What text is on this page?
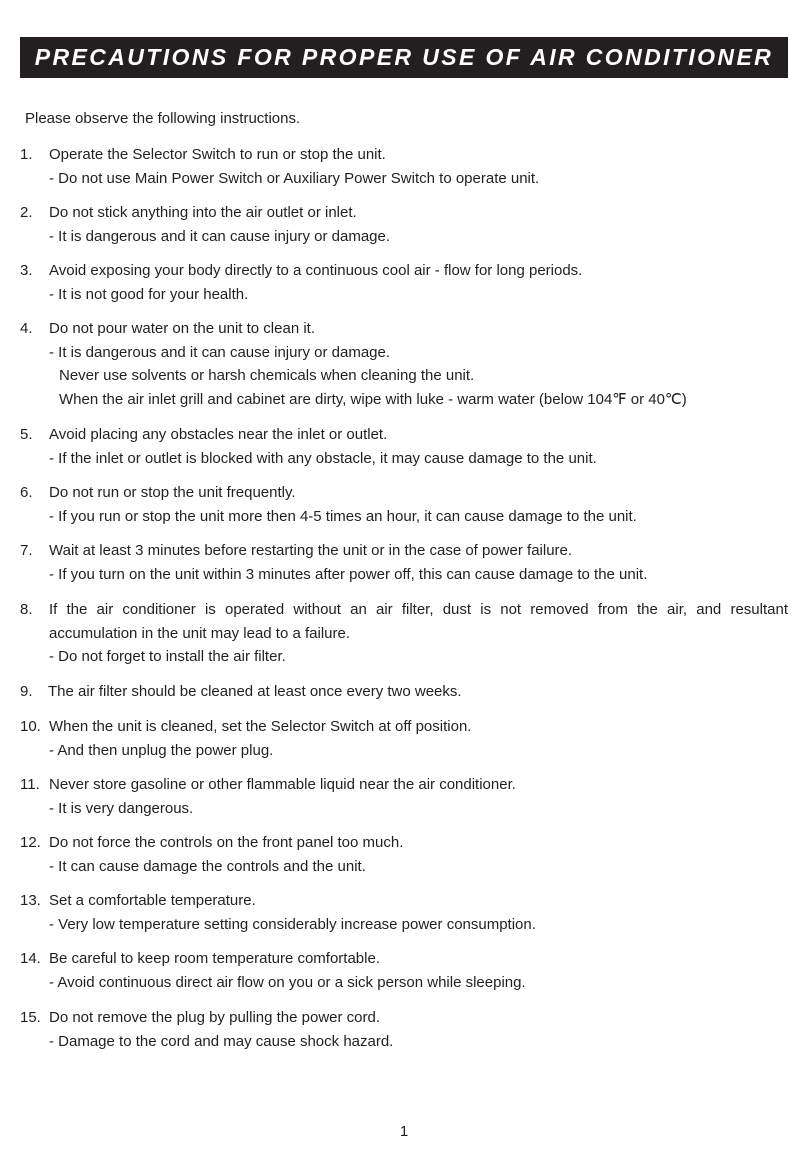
PRECAUTIONS FOR PROPER USE OF AIR CONDITIONER
Please observe the following instructions.
1. Operate the Selector Switch to run or stop the unit.
- Do not use Main Power Switch or Auxiliary Power Switch to operate unit.
2. Do not stick anything into the air outlet or inlet.
- It is dangerous and it can cause injury or damage.
3. Avoid exposing your body directly to a continuous cool air - flow for long periods.
- It is not good for your health.
4. Do not pour water on the unit to clean it.
- It is dangerous and it can cause injury or damage.
Never use solvents or harsh chemicals when cleaning the unit.
When the air inlet grill and cabinet are dirty, wipe with luke - warm water (below 104℉ or 40℃)
5. Avoid placing any obstacles near the inlet or outlet.
- If the inlet or outlet is blocked with any obstacle, it may cause damage to the unit.
6. Do not run or stop the unit frequently.
- If you run or stop the unit more then 4-5 times an hour, it can cause damage to the unit.
7. Wait at least 3 minutes before restarting the unit or in the case of power failure.
- If you turn on the unit within 3 minutes after power off, this can cause damage to the unit.
8. If the air conditioner is operated without an air filter, dust is not removed from the air, and resultant accumulation in the unit may lead to a failure.
- Do not forget to install the air filter.
9. The air filter should be cleaned at least once every two weeks.
10. When the unit is cleaned, set the Selector Switch at off position.
- And then unplug the power plug.
11. Never store gasoline or other flammable liquid near the air conditioner.
- It is very dangerous.
12. Do not force the controls on the front panel too much.
- It can cause damage the controls and the unit.
13. Set a comfortable temperature.
- Very low temperature setting considerably increase power consumption.
14. Be careful to keep room temperature comfortable.
- Avoid continuous direct air flow on you or a sick person while sleeping.
15. Do not remove the plug by pulling the power cord.
- Damage to the cord and may cause shock hazard.
1
